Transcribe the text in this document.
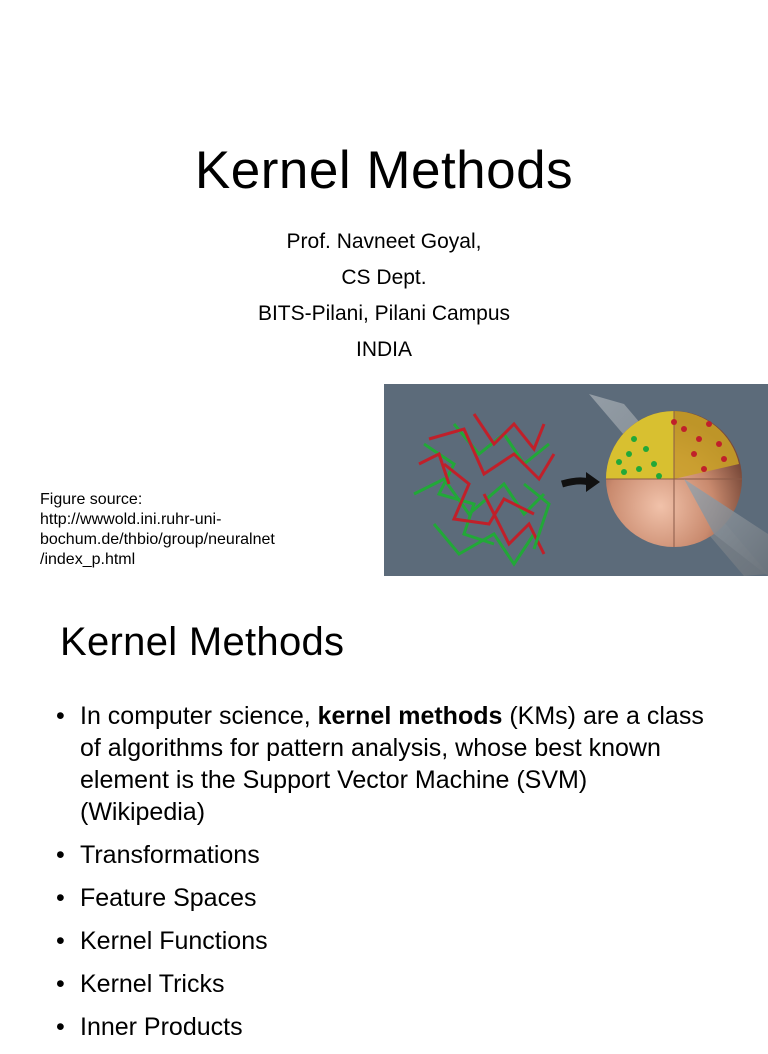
Kernel Methods
Prof. Navneet Goyal,
CS Dept.
BITS-Pilani, Pilani Campus
INDIA
Figure source:
http://wwwold.ini.ruhr-uni-
bochum.de/thbio/group/neuralnet
/index_p.html
Kernel Methods
• In computer science, kernel methods (KMs) are a class of algorithms for pattern analysis, whose best known element is the Support Vector Machine (SVM) (Wikipedia)
• Transformations
• Feature Spaces
• Kernel Functions
• Kernel Tricks
• Inner Products
